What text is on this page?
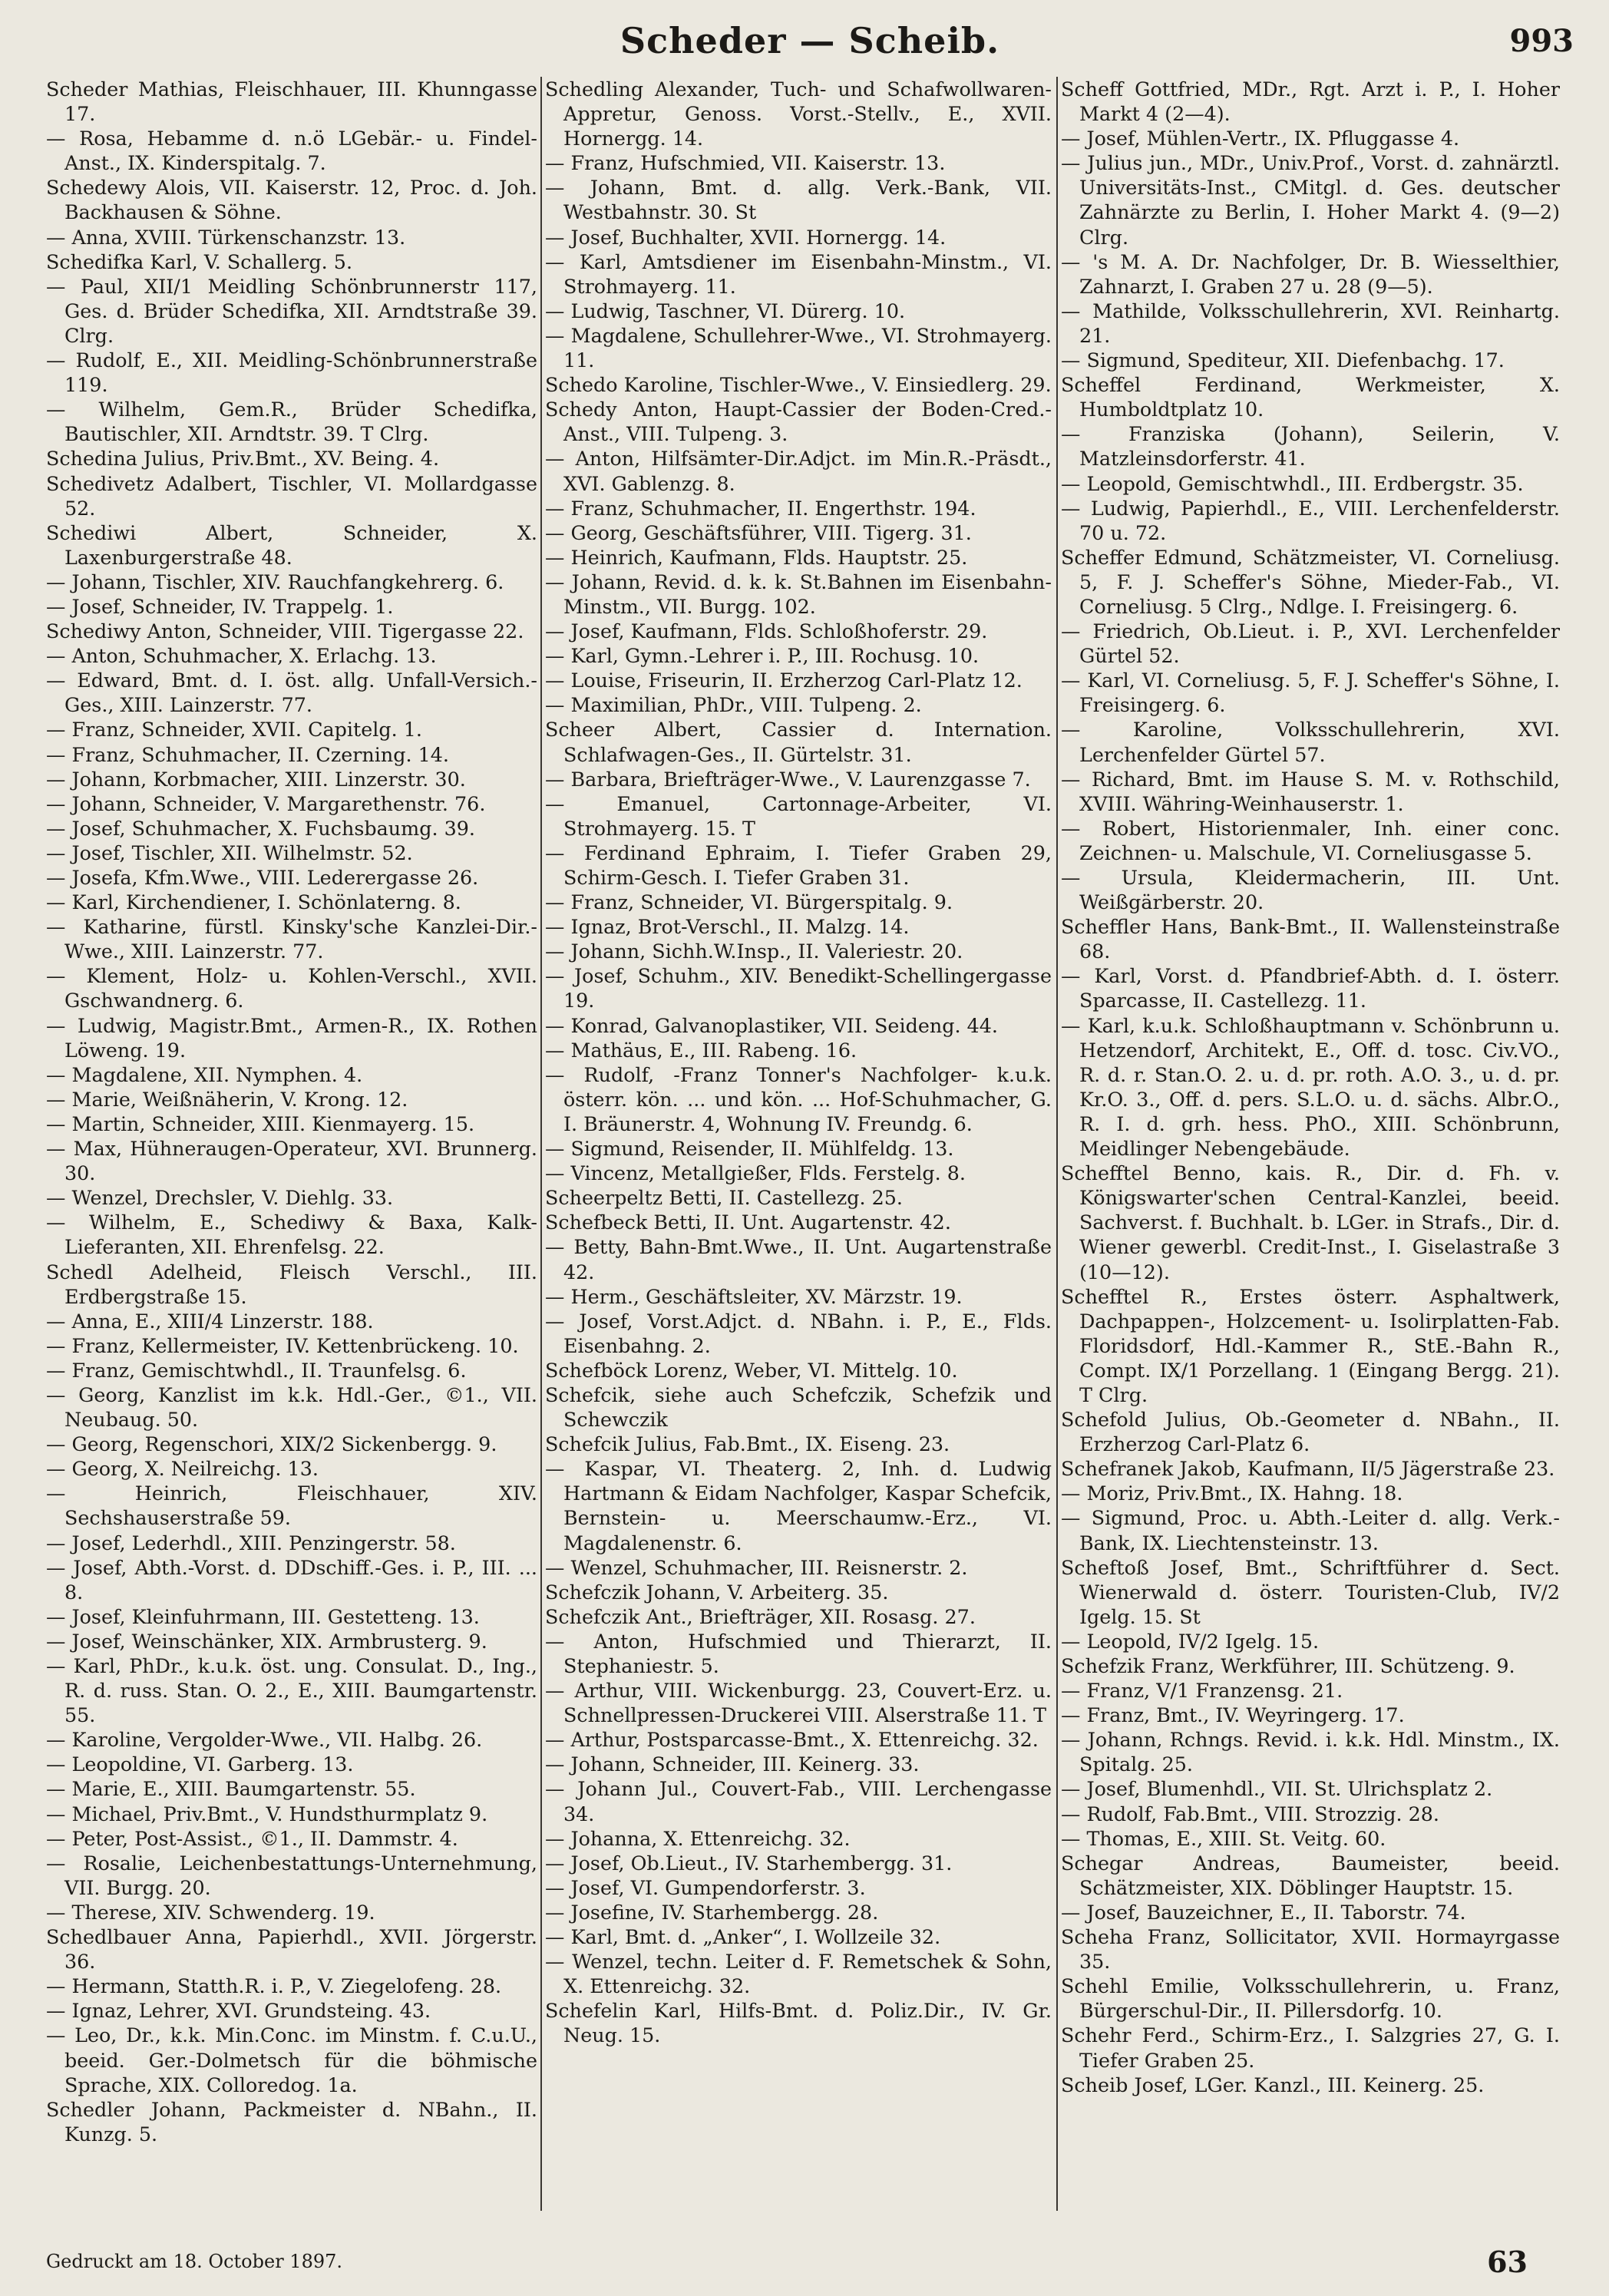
Scheder — Scheib.	993

Scheder Mathias, Fleischhauer, III. Khunngasse 17.

— Rosa, Hebamme d. n.ö LGebär.- u. Findel-Anst., IX. Kinderspitalg. 7.

Schedewy Alois, VII. Kaiserstr. 12, Proc. d. Joh. Backhausen & Söhne.

— Anna, XVIII. Türkenschanzstr. 13.

Schedifka Karl, V. Schallerg. 5.

— Paul, XII/1 Meidling Schönbrunnerstr 117, Ges. d. Brüder Schedifka, XII. Arndtstraße 39. Clrg.

— Rudolf, E., XII. Meidling-Schönbrunnerstraße 119.

— Wilhelm, Gem.R., Brüder Schedifka, Bautischler, XII. Arndtstr. 39. T Clrg.

Schedina Julius, Priv.Bmt., XV. Being. 4.

Schedivetz Adalbert, Tischler, VI. Mollardgasse 52.

Schedi̇wi Albert, Schneider, X. Laxenburgerstraße 48.

— Johann, Tischler, XIV. Rauchfangkehrerg. 6.

— Josef, Schneider, IV. Trappelg. 1.

Schediwy Anton, Schneider, VIII. Tigergasse 22.

— Anton, Schuhmacher, X. Erlachg. 13.

— Edward, Bmt. d. I. öst. allg. Unfall-Versich.-Ges., XIII. Lainzerstr. 77.

— Franz, Schneider, XVII. Capitelg. 1.

— Franz, Schuhmacher, II. Czerning. 14.

— Johann, Korbmacher, XIII. Linzerstr. 30.

— Johann, Schneider, V. Margarethenstr. 76.

— Josef, Schuhmacher, X. Fuchsbaumg. 39.

— Josef, Tischler, XII. Wilhelmstr. 52.

— Josefa, Kfm.Wwe., VIII. Lederergasse 26.

— Karl, Kirchendiener, I. Schönlaterng. 8.

— Katharine, fürstl. Kinsky'sche Kanzlei-Dir.-Wwe., XIII. Lainzerstr. 77.

— Klement, Holz- u. Kohlen-Verschl., XVII. Gschwandnerg. 6.

— Ludwig, Magistr.Bmt., Armen-R., IX. Rothen Löweng. 19.

— Magdalene, XII. Nymphen. 4.

— Marie, Weißnäherin, V. Krong. 12.

— Martin, Schneider, XIII. Kienmayerg. 15.

— Max, Hühneraugen-Operateur, XVI. Brunnerg. 30.

— Wenzel, Drechsler, V. Diehlg. 33.

— Wilhelm, E., Schediwy & Baxa, Kalk-Lieferanten, XII. Ehrenfelsg. 22.

Schedl Adelheid, Fleisch Verschl., III. Erdbergstraße 15.

— Anna, E., XIII/4 Linzerstr. 188.

— Franz, Kellermeister, IV. Kettenbrückeng. 10.

— Franz, Gemischtwhdl., II. Traunfelsg. 6.

— Georg, Kanzlist im k.k. Hdl.-Ger., ©1., VII. Neubaug. 50.

— Georg, Regenschori, XIX/2 Sickenbergg. 9.

— Georg, X. Neilreichg. 13.

— Heinrich, Fleischhauer, XIV. Sechshauserstraße 59.

— Josef, Lederhdl., XIII. Penzingerstr. 58.

— Josef, Abth.-Vorst. d. DDschiff.-Ges. i. P., III. ... 8.

— Josef, Kleinfuhrmann, III. Gestetteng. 13.

— Josef, Weinschänker, XIX. Armbrusterg. 9.

— Karl, PhDr., k.u.k. öst. ung. Consulat. D., Ing., R. d. russ. Stan. O. 2., E., XIII. Baumgartenstr. 55.

— Karoline, Vergolder-Wwe., VII. Halbg. 26.

— Leopoldine, VI. Garberg. 13.

— Marie, E., XIII. Baumgartenstr. 55.

— Michael, Priv.Bmt., V. Hundsthurmplatz 9.

— Peter, Post-Assist., ©1., II. Dammstr. 4.

— Rosalie, Leichenbestattungs-Unternehmung, VII. Burgg. 20.

— Therese, XIV. Schwenderg. 19.

Schedlbauer Anna, Papierhdl., XVII. Jörgerstr. 36.

— Hermann, Statth.R. i. P., V. Ziegelofeng. 28.

— Ignaz, Lehrer, XVI. Grundsteing. 43.

— Leo, Dr., k.k. Min.Conc. im Minstm. f. C.u.U., beeid. Ger.-Dolmetsch für die böhmische Sprache, XIX. Colloredog. 1a.

Schedler Johann, Packmeister d. NBahn., II. Kunzg. 5.

Schedling Alexander, Tuch- und Schafwollwaren-Appretur, Genoss. Vorst.-Stellv., E., XVII. Hornergg. 14.

— Franz, Hufschmied, VII. Kaiserstr. 13.

— Johann, Bmt. d. allg. Verk.-Bank, VII. Westbahnstr. 30. St

— Josef, Buchhalter, XVII. Hornergg. 14.

— Karl, Amtsdiener im Eisenbahn-Minstm., VI. Strohmayerg. 11.

— Ludwig, Taschner, VI. Dürerg. 10.

— Magdalene, Schullehrer-Wwe., VI. Strohmayerg. 11.

Schedo Karoline, Tischler-Wwe., V. Einsiedlerg. 29.

Schedy Anton, Haupt-Cassier der Boden-Cred.-Anst., VIII. Tulpeng. 3.

— Anton, Hilfsämter-Dir.Adjct. im Min.R.-Präsdt., XVI. Gablenzg. 8.

— Franz, Schuhmacher, II. Engerthstr. 194.

— Georg, Geschäftsführer, VIII. Tigerg. 31.

— Heinrich, Kaufmann, Flds. Hauptstr. 25.

— Johann, Revid. d. k. k. St.Bahnen im Eisenbahn-Minstm., VII. Burgg. 102.

— Josef, Kaufmann, Flds. Schloßhoferstr. 29.

— Karl, Gymn.-Lehrer i. P., III. Rochusg. 10.

— Louise, Friseurin, II. Erzherzog Carl-Platz 12.

— Maximilian, PhDr., VIII. Tulpeng. 2.

Scheer Albert, Cassier d. Internation. Schlafwagen-Ges., II. Gürtelstr. 31.

— Barbara, Briefträger-Wwe., V. Laurenzgasse 7.

— Emanuel, Cartonnage-Arbeiter, VI. Strohmayerg. 15. T

— Ferdinand Ephraim, I. Tiefer Graben 29, Schirm-Gesch. I. Tiefer Graben 31.

— Franz, Schneider, VI. Bürgerspitalg. 9.

— Ignaz, Brot-Verschl., II. Malzg. 14.

— Johann, Sichh.W.Insp., II. Valeriestr. 20.

— Josef, Schuhm., XIV. Benedikt-Schellingergasse 19.

— Konrad, Galvanoplastiker, VII. Seideng. 44.

— Mathäus, E., III. Rabeng. 16.

— Rudolf, -Franz Tonner's Nachfolger- k.u.k. österr. kön. ... und kön. ... Hof-Schuhmacher, G. I. Bräunerstr. 4, Wohnung IV. Freundg. 6.

— Sigmund, Reisender, II. Mühlfeldg. 13.

— Vincenz, Metallgießer, Flds. Ferstelg. 8.

Scheerpeltz Betti, II. Castellezg. 25.

Schefbeck Betti, II. Unt. Augartenstr. 42.

— Betty, Bahn-Bmt.Wwe., II. Unt. Augartenstraße 42.

— Herm., Geschäftsleiter, XV. Märzstr. 19.

— Josef, Vorst.Adjct. d. NBahn. i. P., E., Flds. Eisenbahng. 2.

Schefböck Lorenz, Weber, VI. Mittelg. 10.

Schefcik, siehe auch Schefczik, Schefzik und Schewczik

Schefcik Julius, Fab.Bmt., IX. Eiseng. 23.

— Kaspar, VI. Theaterg. 2, Inh. d. Ludwig Hartmann & Eidam Nachfolger, Kaspar Schefcik, Bernstein- u. Meerschaumw.-Erz., VI. Magdalenenstr. 6.

— Wenzel, Schuhmacher, III. Reisnerstr. 2.

Schefczik Johann, V. Arbeiterg. 35.

Schefczik Ant., Briefträger, XII. Rosasg. 27.

— Anton, Hufschmied und Thierarzt, II. Stephaniestr. 5.

— Arthur, VIII. Wickenburgg. 23, Couvert-Erz. u. Schnellpressen-Druckerei VIII. Alserstraße 11. T

— Arthur, Postsparcasse-Bmt., X. Ettenreichg. 32.

— Johann, Schneider, III. Keinerg. 33.

— Johann Jul., Couvert-Fab., VIII. Lerchengasse 34.

— Johanna, X. Ettenreichg. 32.

— Josef, Ob.Lieut., IV. Starhembergg. 31.

— Josef, VI. Gumpendorferstr. 3.

— Josefine, IV. Starhembergg. 28.

— Karl, Bmt. d. „Anker“, I. Wollzeile 32.

— Wenzel, techn. Leiter d. F. Remetschek & Sohn, X. Ettenreichg. 32.

Schefelin Karl, Hilfs-Bmt. d. Poliz.Dir., IV. Gr. Neug. 15.

Scheff Gottfried, MDr., Rgt. Arzt i. P., I. Hoher Markt 4 (2—4).

— Josef, Mühlen-Vertr., IX. Pfluggasse 4.

— Julius jun., MDr., Univ.Prof., Vorst. d. zahnärztl. Universitäts-Inst., CMitgl. d. Ges. deutscher Zahnärzte zu Berlin, I. Hoher Markt 4. (9—2) Clrg.

— 's M. A. Dr. Nachfolger, Dr. B. Wiesselthier, Zahnarzt, I. Graben 27 u. 28 (9—5).

— Mathilde, Volksschullehrerin, XVI. Reinhartg. 21.

— Sigmund, Spediteur, XII. Diefenbachg. 17.

Scheffel Ferdinand, Werkmeister, X. Humboldtplatz 10.

— Franziska (Johann), Seilerin, V. Matzleinsdorferstr. 41.

— Leopold, Gemischtwhdl., III. Erdbergstr. 35.

— Ludwig, Papierhdl., E., VIII. Lerchenfelderstr. 70 u. 72.

Scheffer Edmund, Schätzmeister, VI. Corneliusg. 5, F. J. Scheffer's Söhne, Mieder-Fab., VI. Corneliusg. 5 Clrg., Ndlge. I. Freisingerg. 6.

— Friedrich, Ob.Lieut. i. P., XVI. Lerchenfelder Gürtel 52.

— Karl, VI. Corneliusg. 5, F. J. Scheffer's Söhne, I. Freisingerg. 6.

— Karoline, Volksschullehrerin, XVI. Lerchenfelder Gürtel 57.

— Richard, Bmt. im Hause S. M. v. Rothschild, XVIII. Währing-Weinhauserstr. 1.

— Robert, Historienmaler, Inh. einer conc. Zeichnen- u. Malschule, VI. Corneliusgasse 5.

— Ursula, Kleidermacherin, III. Unt. Weißgärberstr. 20.

Scheffler Hans, Bank-Bmt., II. Wallensteinstraße 68.

— Karl, Vorst. d. Pfandbrief-Abth. d. I. österr. Sparcasse, II. Castellezg. 11.

— Karl, k.u.k. Schloßhauptmann v. Schönbrunn u. Hetzendorf, Architekt, E., Off. d. tosc. Civ.VO., R. d. r. Stan.O. 2. u. d. pr. roth. A.O. 3., u. d. pr. Kr.O. 3., Off. d. pers. S.L.O. u. d. sächs. Albr.O., R. I. d. grh. hess. PhO., XIII. Schönbrunn, Meidlinger Nebengebäude.

Schefftel Benno, kais. R., Dir. d. Fh. v. Königswarter'schen Central-Kanzlei, beeid. Sachverst. f. Buchhalt. b. LGer. in Strafs., Dir. d. Wiener gewerbl. Credit-Inst., I. Giselastraße 3 (10—12).

Schefftel R., Erstes österr. Asphaltwerk, Dachpappen-, Holzcement- u. Isolirplatten-Fab. Floridsdorf, Hdl.-Kammer R., StE.-Bahn R., Compt. IX/1 Porzellang. 1 (Eingang Bergg. 21). T Clrg.

Schefold Julius, Ob.-Geometer d. NBahn., II. Erzherzog Carl-Platz 6.

Schefranek Jakob, Kaufmann, II/5 Jägerstraße 23.

— Moriz, Priv.Bmt., IX. Hahng. 18.

— Sigmund, Proc. u. Abth.-Leiter d. allg. Verk.-Bank, IX. Liechtensteinstr. 13.

Scheftoß Josef, Bmt., Schriftführer d. Sect. Wienerwald d. österr. Touristen-Club, IV/2 Igelg. 15. St

— Leopold, IV/2 Igelg. 15.

Schefzik Franz, Werkführer, III. Schützeng. 9.

— Franz, V/1 Franzensg. 21.

— Franz, Bmt., IV. Weyringerg. 17.

— Johann, Rchngs. Revid. i. k.k. Hdl. Minstm., IX. Spitalg. 25.

— Josef, Blumenhdl., VII. St. Ulrichsplatz 2.

— Rudolf, Fab.Bmt., VIII. Strozzig. 28.

— Thomas, E., XIII. St. Veitg. 60.

Schegar Andreas, Baumeister, beeid. Schätzmeister, XIX. Döblinger Hauptstr. 15.

— Josef, Bauzeichner, E., II. Taborstr. 74.

Scheha Franz, Sollicitator, XVII. Hormayrgasse 35.

Schehl Emilie, Volksschullehrerin, u. Franz, Bürgerschul-Dir., II. Pillersdorfg. 10.

Schehr Ferd., Schirm-Erz., I. Salzgries 27, G. I. Tiefer Graben 25.

Scheib Josef, LGer. Kanzl., III. Keinerg. 25.

Gedruckt am 18. October 1897.	63
